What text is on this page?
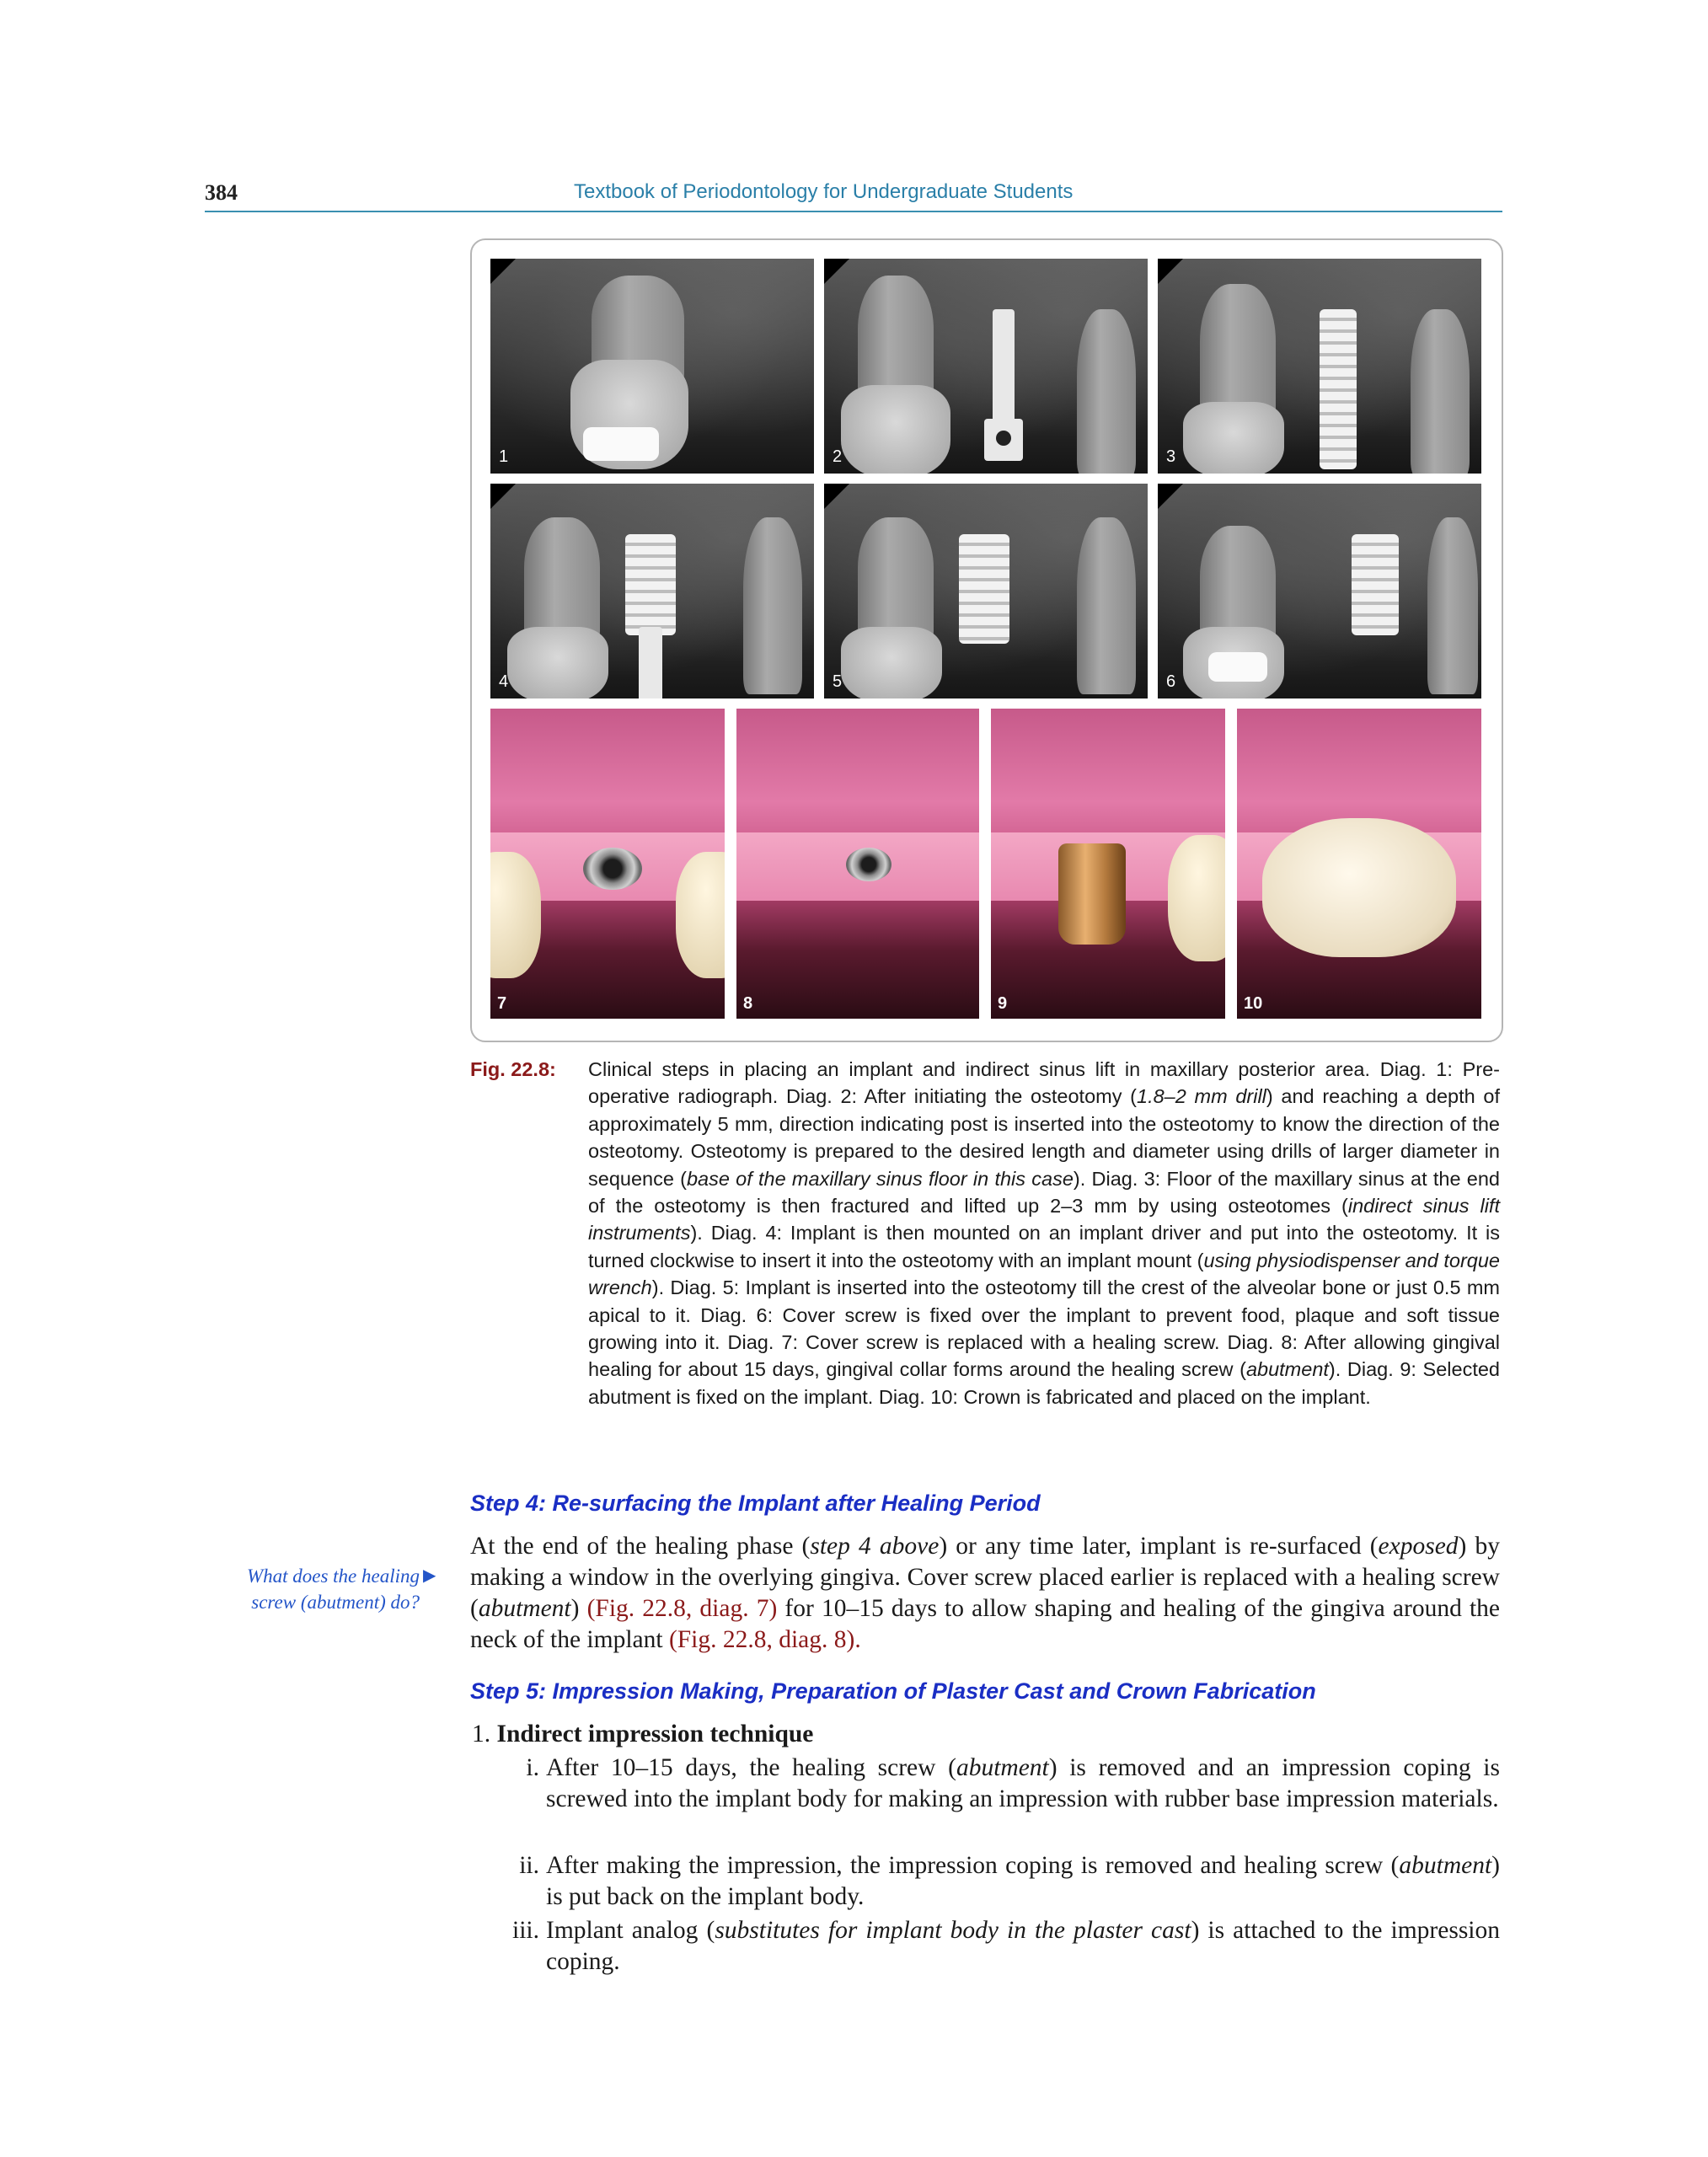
384	Textbook of Periodontology for Undergraduate Students
1	2	3
4	5	6
7	8	9	10
Fig. 22.8: Clinical steps in placing an implant and indirect sinus lift in maxillary posterior area. Diag. 1: Pre-operative radiograph. Diag. 2: After initiating the osteotomy (1.8–2 mm drill) and reaching a depth of approximately 5 mm, direction indicating post is inserted into the osteotomy to know the direction of the osteotomy. Osteotomy is prepared to the desired length and diameter using drills of larger diameter in sequence (base of the maxillary sinus floor in this case). Diag. 3: Floor of the maxillary sinus at the end of the osteotomy is then fractured and lifted up 2–3 mm by using osteotomes (indirect sinus lift instruments). Diag. 4: Implant is then mounted on an implant driver and put into the osteotomy. It is turned clockwise to insert it into the osteotomy with an implant mount (using physiodispenser and torque wrench). Diag. 5: Implant is inserted into the osteotomy till the crest of the alveolar bone or just 0.5 mm apical to it. Diag. 6: Cover screw is fixed over the implant to prevent food, plaque and soft tissue growing into it. Diag. 7: Cover screw is replaced with a healing screw. Diag. 8: After allowing gingival healing for about 15 days, gingival collar forms around the healing screw (abutment). Diag. 9: Selected abutment is fixed on the implant. Diag. 10: Crown is fabricated and placed on the implant.
Step 4: Re-surfacing the Implant after Healing Period
At the end of the healing phase (step 4 above) or any time later, implant is re-surfaced (exposed) by making a window in the overlying gingiva. Cover screw placed earlier is replaced with a healing screw (abutment) (Fig. 22.8, diag. 7) for 10–15 days to allow shaping and healing of the gingiva around the neck of the implant (Fig. 22.8, diag. 8).
What does the healing screw (abutment) do?
▶
Step 5: Impression Making, Preparation of Plaster Cast and Crown Fabrication
1. Indirect impression technique
i. After 10–15 days, the healing screw (abutment) is removed and an impression coping is screwed into the implant body for making an impression with rubber base impression materials.
ii. After making the impression, the impression coping is removed and healing screw (abutment) is put back on the implant body.
iii. Implant analog (substitutes for implant body in the plaster cast) is attached to the impression coping.
